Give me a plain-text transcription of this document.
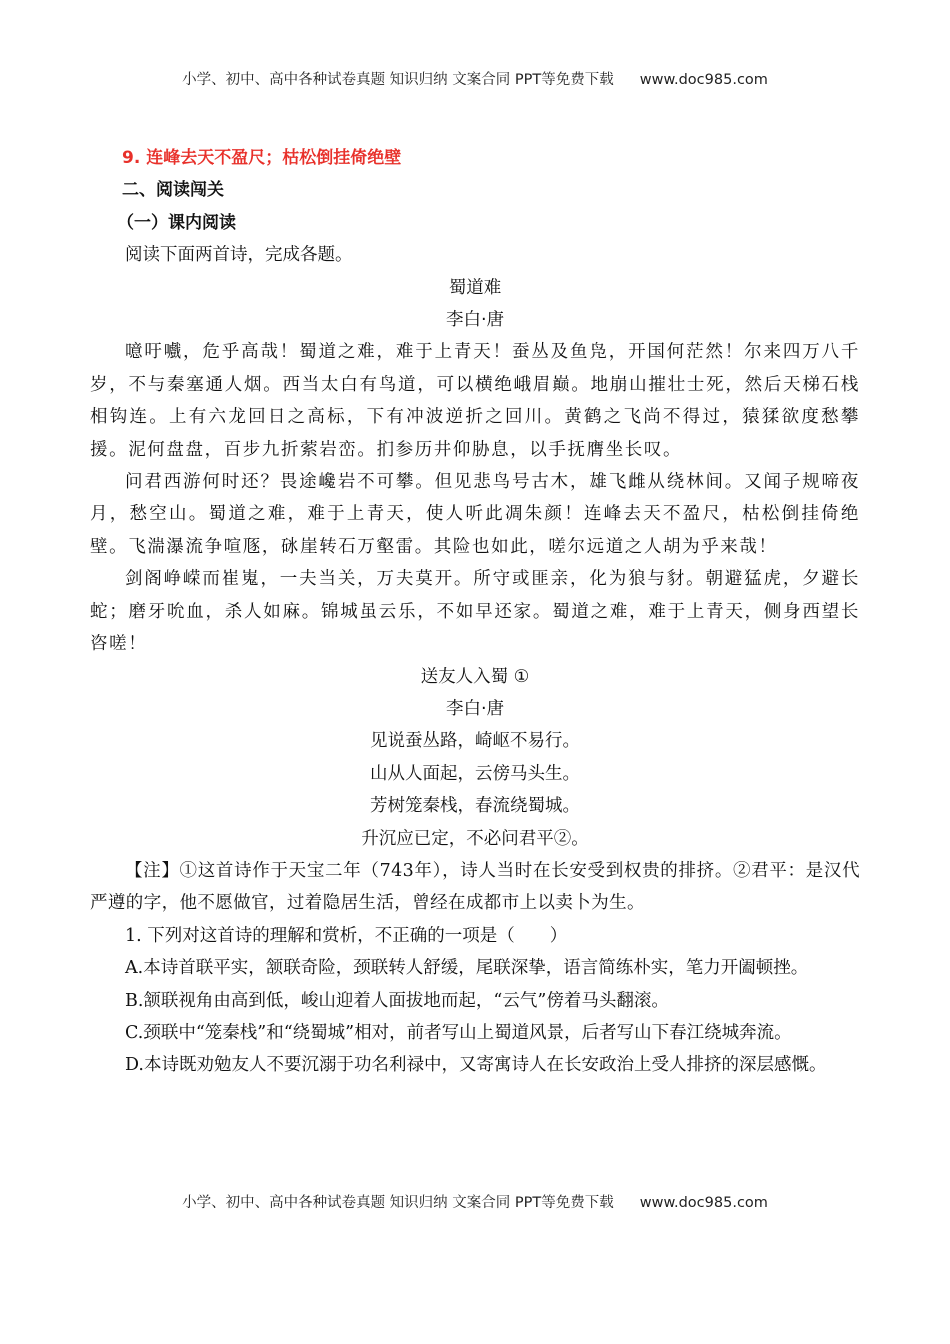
小学、初中、高中各种试卷真题 知识归纳 文案合同 PPT等免费下载 www.doc985.com

9. 连峰去天不盈尺；枯松倒挂倚绝壁

二、阅读闯关

（一）课内阅读

阅读下面两首诗，完成各题。

蜀道难

李白·唐

噫吁嚱，危乎高哉！蜀道之难，难于上青天！蚕丛及鱼凫，开国何茫然！尔来四万八千岁，不与秦塞通人烟。西当太白有鸟道，可以横绝峨眉巅。地崩山摧壮士死，然后天梯石栈相钩连。上有六龙回日之高标，下有冲波逆折之回川。黄鹤之飞尚不得过，猿猱欲度愁攀援。泥何盘盘，百步九折萦岩峦。扪参历井仰胁息，以手抚膺坐长叹。

问君西游何时还？畏途巉岩不可攀。但见悲鸟号古木，雄飞雌从绕林间。又闻子规啼夜月，愁空山。蜀道之难，难于上青天，使人听此凋朱颜！连峰去天不盈尺，枯松倒挂倚绝壁。飞湍瀑流争喧豗，砯崖转石万壑雷。其险也如此，嗟尔远道之人胡为乎来哉！

剑阁峥嵘而崔嵬，一夫当关，万夫莫开。所守或匪亲，化为狼与豺。朝避猛虎，夕避长蛇；磨牙吮血，杀人如麻。锦城虽云乐，不如早还家。蜀道之难，难于上青天，侧身西望长咨嗟！

送友人入蜀 ①

李白·唐

见说蚕丛路，崎岖不易行。

山从人面起，云傍马头生。

芳树笼秦栈，春流绕蜀城。

升沉应已定，不必问君平②。

【注】①这首诗作于天宝二年（743年），诗人当时在长安受到权贵的排挤。②君平：是汉代严遵的字，他不愿做官，过着隐居生活，曾经在成都市上以卖卜为生。

1. 下列对这首诗的理解和赏析，不正确的一项是（　　）

A.本诗首联平实，颔联奇险，颈联转人舒缓，尾联深挚，语言简练朴实，笔力开阖顿挫。

B.颔联视角由高到低，峻山迎着人面拔地而起，“云气”傍着马头翻滚。

C.颈联中“笼秦栈”和“绕蜀城”相对，前者写山上蜀道风景，后者写山下春江绕城奔流。

D.本诗既劝勉友人不要沉溺于功名利禄中，又寄寓诗人在长安政治上受人排挤的深层感慨。

小学、初中、高中各种试卷真题 知识归纳 文案合同 PPT等免费下载 www.doc985.com
